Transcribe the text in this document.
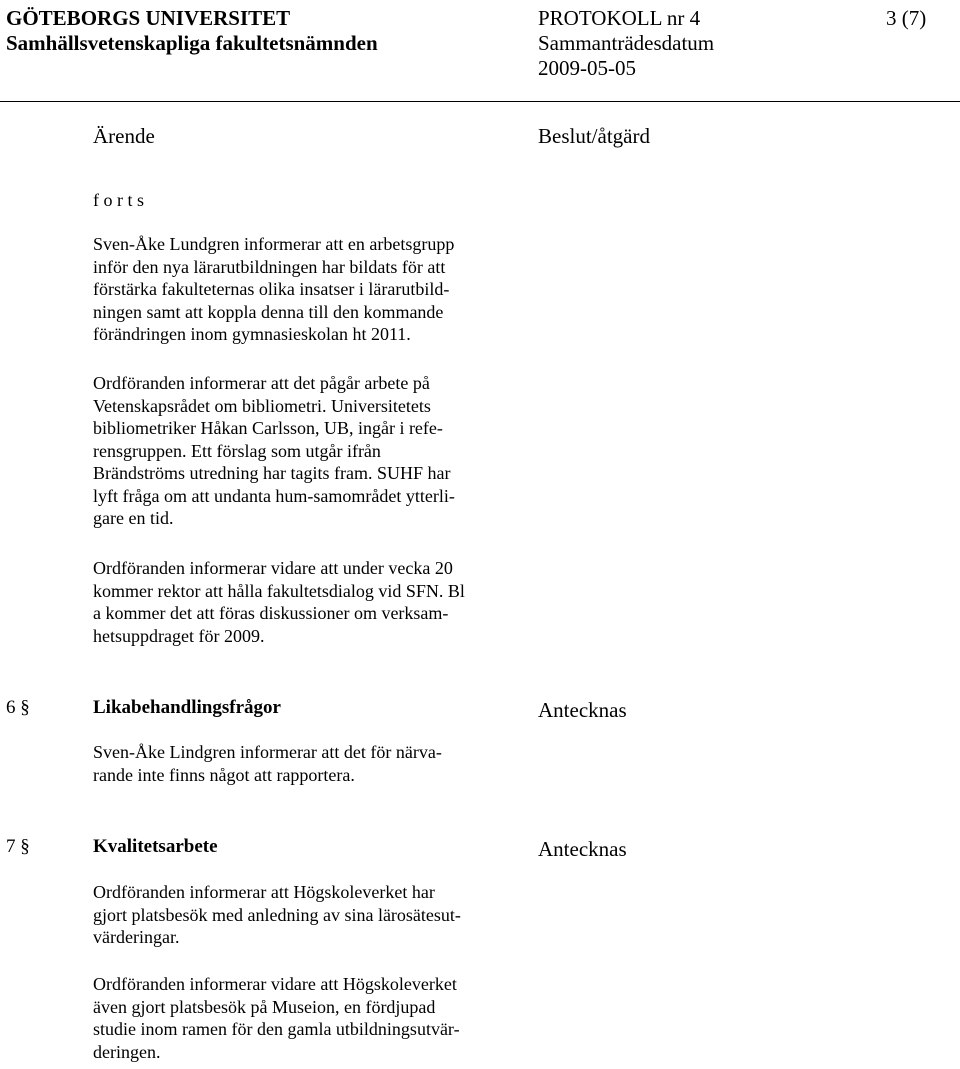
GÖTEBORGS UNIVERSITET
Samhällsvetenskapliga fakultetsnämnden
PROTOKOLL nr 4
Sammanträdesdatum
2009-05-05
3 (7)
Ärende	Beslut/åtgärd
f o r t s
Sven-Åke Lundgren informerar att en arbetsgrupp
inför den nya lärarutbildningen har bildats för att
förstärka fakulteternas olika insatser i lärarutbild-
ningen samt att koppla denna till den kommande
förändringen inom gymnasieskolan ht 2011.
Ordföranden informerar att det pågår arbete på
Vetenskapsrådet om bibliometri. Universitetets
bibliometriker Håkan Carlsson, UB, ingår i refe-
rensgruppen. Ett förslag som utgår ifrån
Brändströms utredning har tagits fram. SUHF har
lyft fråga om att undanta hum-samområdet ytterli-
gare en tid.
Ordföranden informerar vidare att under vecka 20
kommer rektor att hålla fakultetsdialog vid SFN. Bl
a kommer det att föras diskussioner om verksam-
hetsuppdraget för 2009.
6 §	Likabehandlingsfrågor	Antecknas
Sven-Åke Lindgren informerar att det för närva-
rande inte finns något att rapportera.
7 §	Kvalitetsarbete	Antecknas
Ordföranden informerar att Högskoleverket har
gjort platsbesök med anledning av sina lärosätesut-
värderingar.
Ordföranden informerar vidare att Högskoleverket
även gjort platsbesök på Museion, en fördjupad
studie inom ramen för den gamla utbildningsutvär-
deringen.
